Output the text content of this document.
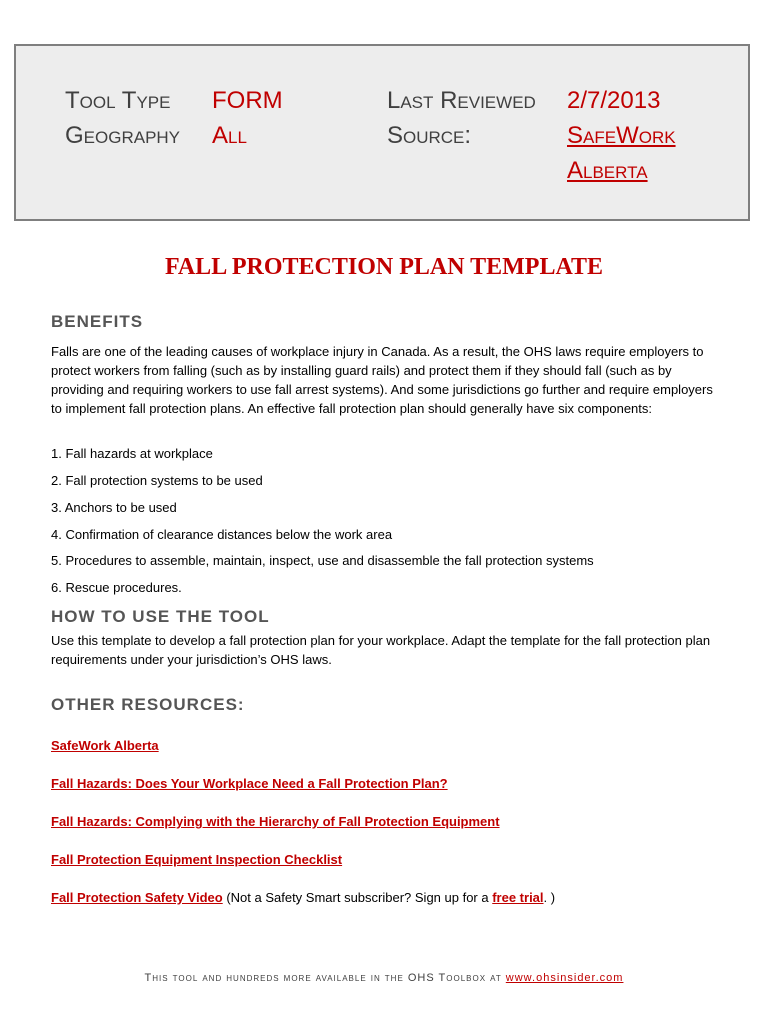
Tool Type FORM
Geography All
Last Reviewed 2/7/2013
Source:	SafeWork
Alberta
FALL PROTECTION PLAN TEMPLATE
BENEFITS

Falls are one of the leading causes of workplace injury in Canada. As a result, the OHS laws require employers to protect workers from falling (such as by installing guard rails) and protect them if they should fall (such as by providing and requiring workers to use fall arrest systems). And some jurisdictions go further and require employers to implement fall protection plans. An effective fall protection plan should generally have six components:

1. Fall hazards at workplace

2. Fall protection systems to be used

3. Anchors to be used

4. Confirmation of clearance distances below the work area

5. Procedures to assemble, maintain, inspect, use and disassemble the fall protection systems

6. Rescue procedures.

HOW TO USE THE TOOL

Use this template to develop a fall protection plan for your workplace. Adapt the template for the fall protection plan requirements under your jurisdiction’s OHS laws.

OTHER RESOURCES:

SafeWork Alberta

Fall Hazards: Does Your Workplace Need a Fall Protection Plan?

Fall Hazards: Complying with the Hierarchy of Fall Protection Equipment

Fall Protection Equipment Inspection Checklist

Fall Protection Safety Video (Not a Safety Smart subscriber? Sign up for a free trial. )

This tool and hundreds more available in the OHS Toolbox at www.ohsinsider.com
